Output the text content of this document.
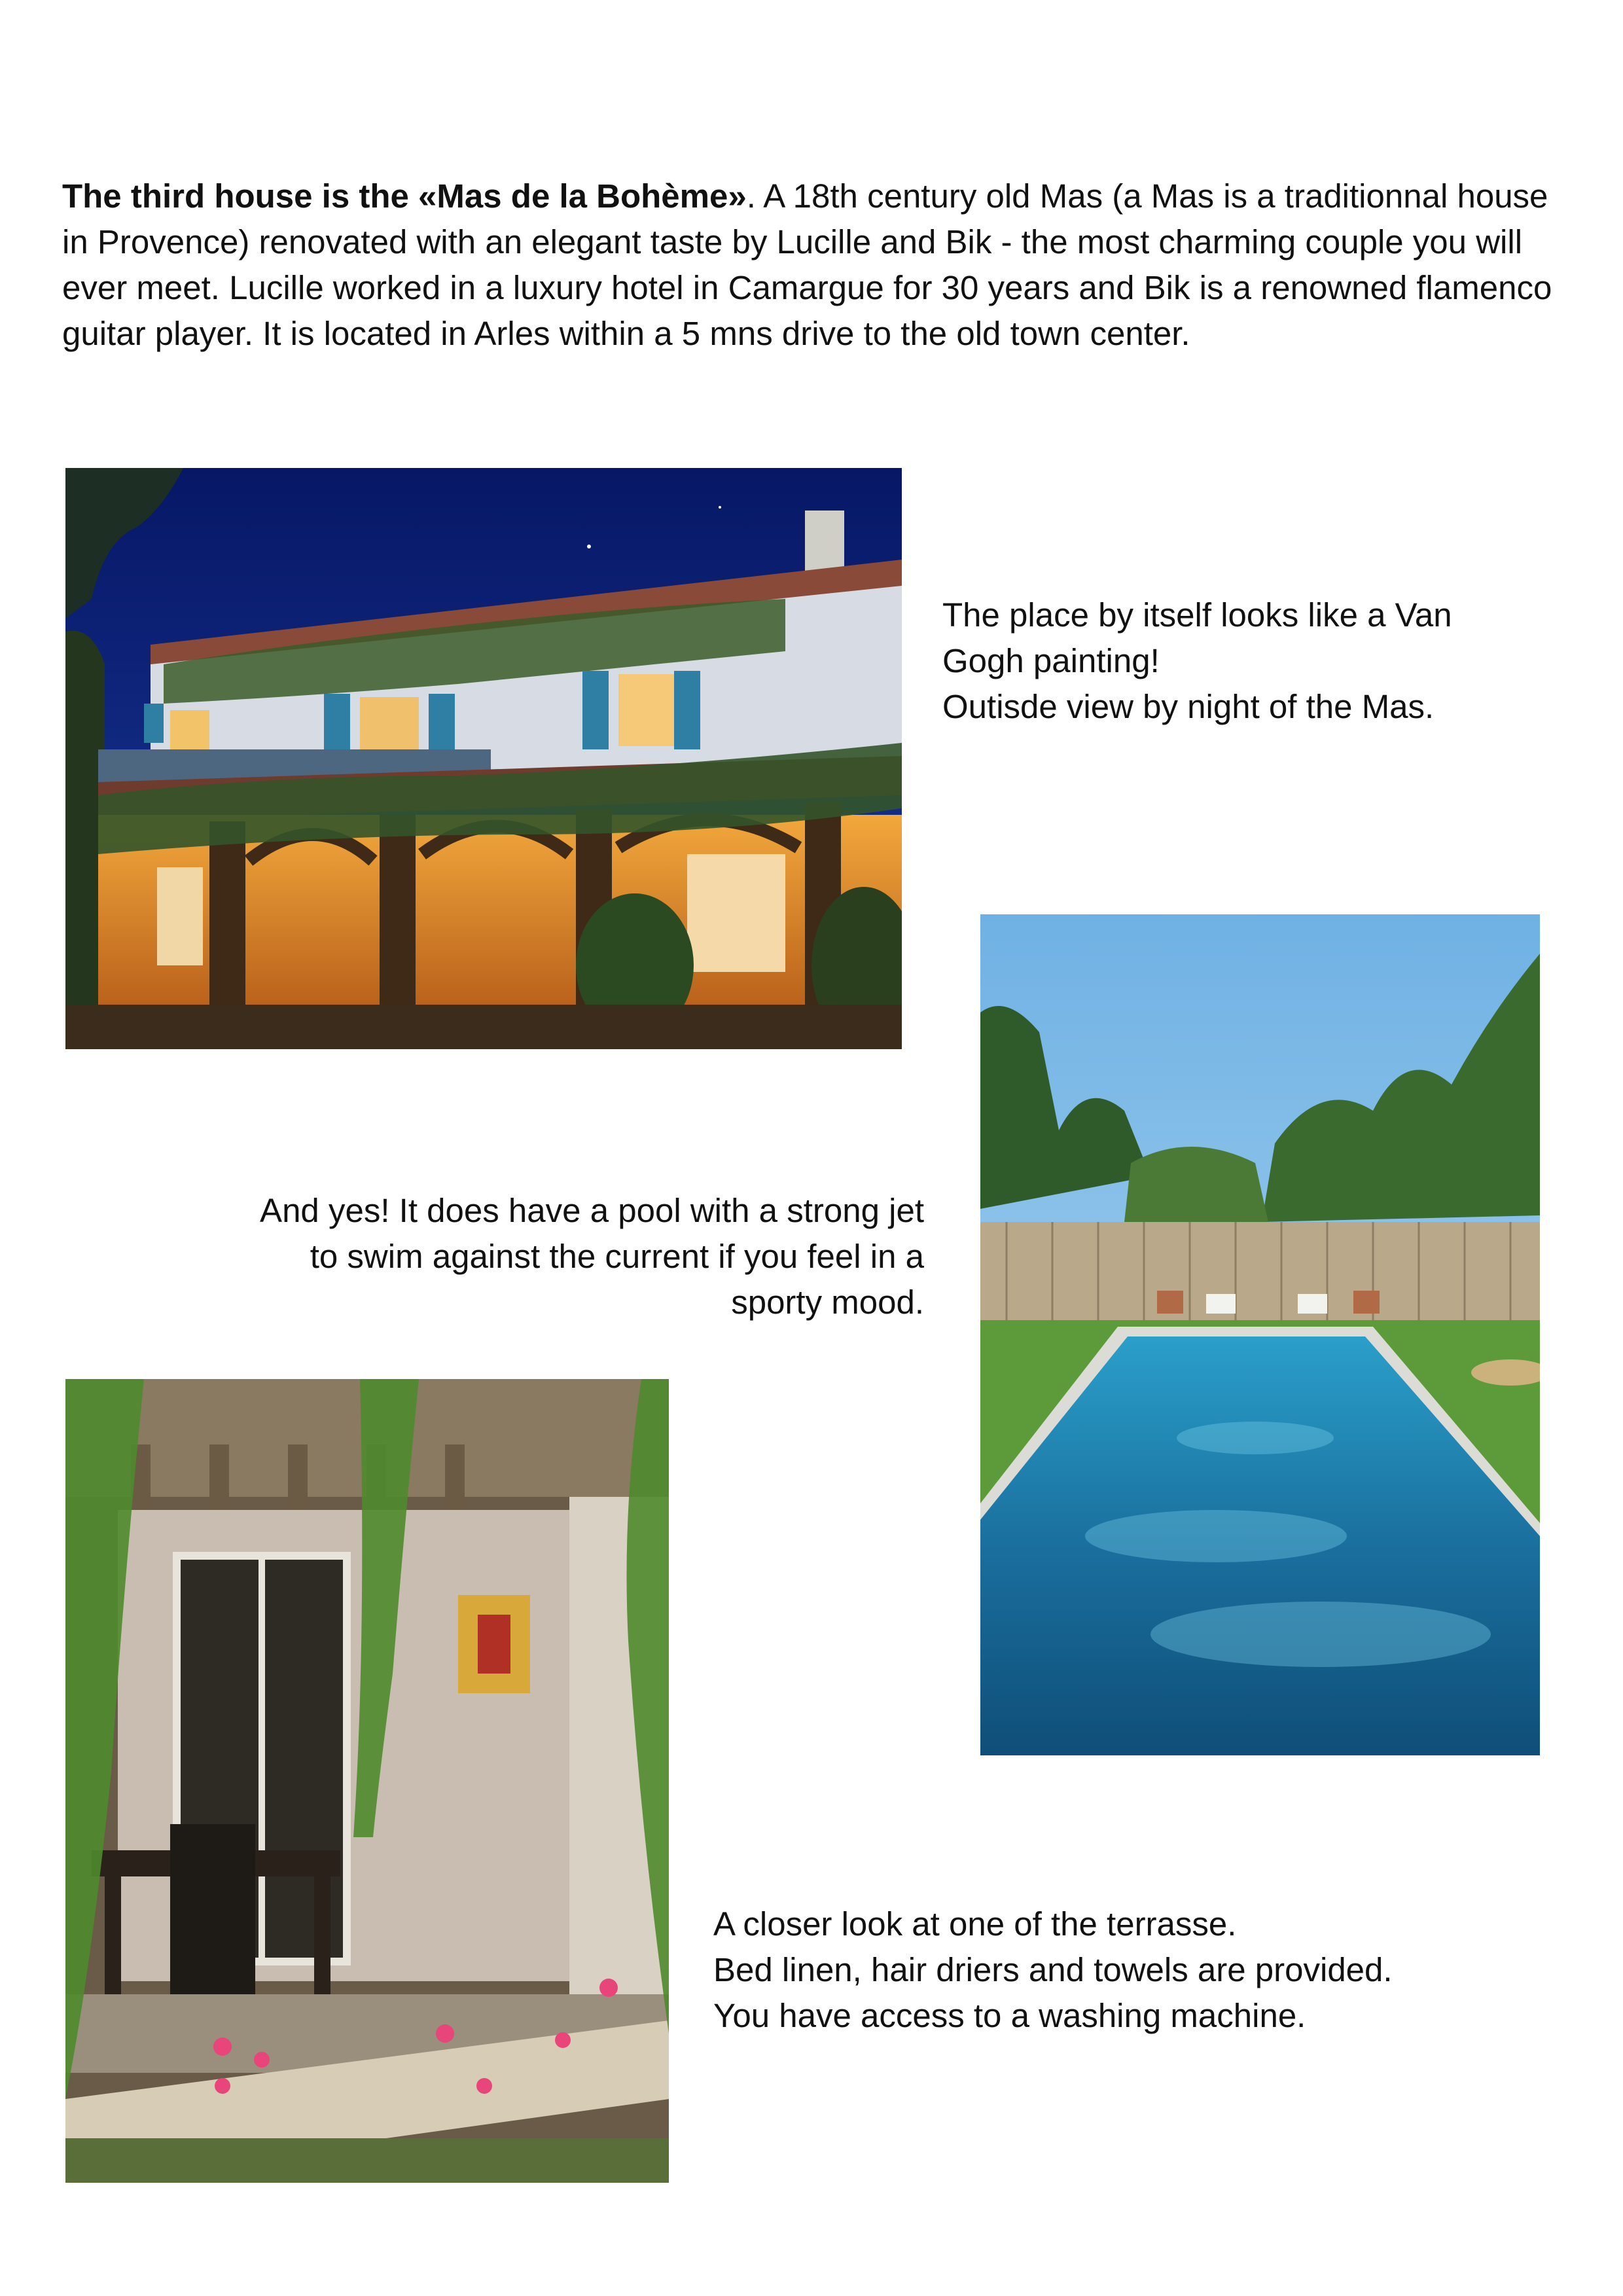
The third house is the «Mas de la Bohème». A 18th century old Mas (a Mas is a traditionnal house in Provence) renovated with an elegant taste by Lucille and Bik - the most charming couple you will ever meet. Lucille worked in a luxury hotel in Camargue for 30 years and Bik is a renowned flamenco guitar player. It is located in Arles within a 5 mns drive to the old town center.
The place by itself looks like a Van
Gogh painting!
Outisde view by night of the Mas.
And yes! It does have a pool with a strong jet
to swim against the current if you feel in a
sporty mood.
A closer look at one of the terrasse.
Bed linen, hair driers and towels are provided.
You have access to a washing machine.
